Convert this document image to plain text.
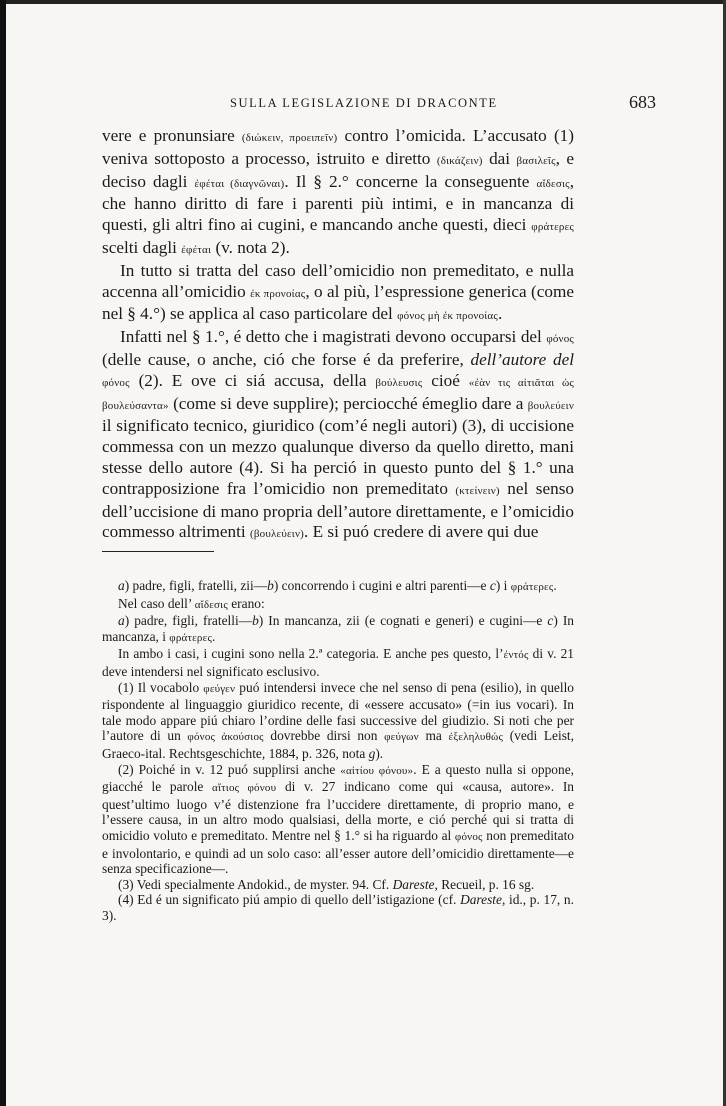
SULLA LEGISLAZIONE DI DRACONTE	683

vere e pronunsiare (διώκειν, προειπεῖν) contro l’omicida. L’accusato (1) veniva sottoposto a processo, istruito e diretto (δικάζειν) dai βασιλεῖς, e deciso dagli ἐφέται (διαγνῶναι). Il § 2.° concerne la conseguente αἴδεσις, che hanno diritto di fare i parenti più intimi, e in mancanza di questi, gli altri fino ai cugini, e mancando anche questi, dieci φράτερες scelti dagli ἐφέται (v. nota 2).

In tutto si tratta del caso dell’omicidio non premeditato, e nulla accenna all’omicidio ἐκ προνοίας, o al più, l’espressione generica (come nel § 4.°) se applica al caso particolare del φόνος μὴ ἐκ προνοίας.

Infatti nel § 1.°, é detto che i magistrati devono occuparsi del φόνος (delle cause, o anche, ció che forse é da preferire, dell’autore del φόνος (2). E ove ci siá accusa, della βούλευσις cioé «ἐὰν τις αἰτιᾶται ὡς βουλεύσαντα» (come si deve supplire); perciocché émeglio dare a βουλεύειν il significato tecnico, giuridico (com’é negli autori) (3), di uccisione commessa con un mezzo qualunque diverso da quello diretto, mani stesse dello autore (4). Si ha perció in questo punto del § 1.° una contrapposizione fra l’omicidio non premeditato (κτείνειν) nel senso dell’uccisione di mano propria dell’autore direttamente, e l’omicidio commesso altrimenti (βουλεύειν). E si puó credere di avere qui due

a) padre, figli, fratelli, zii—b) concorrendo i cugini e altri parenti—e c) i φράτερες.

Nel caso dell’ αἴδεσις erano:

a) padre, figli, fratelli—b) In mancanza, zii (e cognati e generi) e cugini—e c) In mancanza, i φράτερες.

In ambo i casi, i cugini sono nella 2.ª categoria. E anche pes questo, l’ἐντός di v. 21 deve intendersi nel significato esclusivo.

(1) Il vocabolo φεύγεν puó intendersi invece che nel senso di pena (esilio), in quello rispondente al linguaggio giuridico recente, di «essere accusato» (=in ius vocari). In tale modo appare piú chiaro l’ordine delle fasi successive del giudizio. Si noti che per l’autore di un φόνος ἀκούσιος dovrebbe dirsi non φεύγων ma ἐξεληλυθώς (vedi Leist, Graeco-ital. Rechtsgeschichte, 1884, p. 326, nota g).

(2) Poiché in v. 12 puó supplirsi anche «αἰτίου φόνου». E a questo nulla si oppone, giacché le parole αἴτιος φόνου di v. 27 indicano come qui «causa, autore». In quest’ultimo luogo v’é distenzione fra l’uccidere direttamente, di proprio mano, e l’essere causa, in un altro modo qualsiasi, della morte, e ció perché qui si tratta di omicidio voluto e premeditato. Mentre nel § 1.° si ha riguardo al φόνος non premeditato e involontario, e quindi ad un solo caso: all’esser autore dell’omicidio direttamente—e senza specificazione—.

(3) Vedi specialmente Andokid., de myster. 94. Cf. Dareste, Recueil, p. 16 sg.

(4) Ed é un significato piú ampio di quello dell’istigazione (cf. Dareste, id., p. 17, n. 3).
